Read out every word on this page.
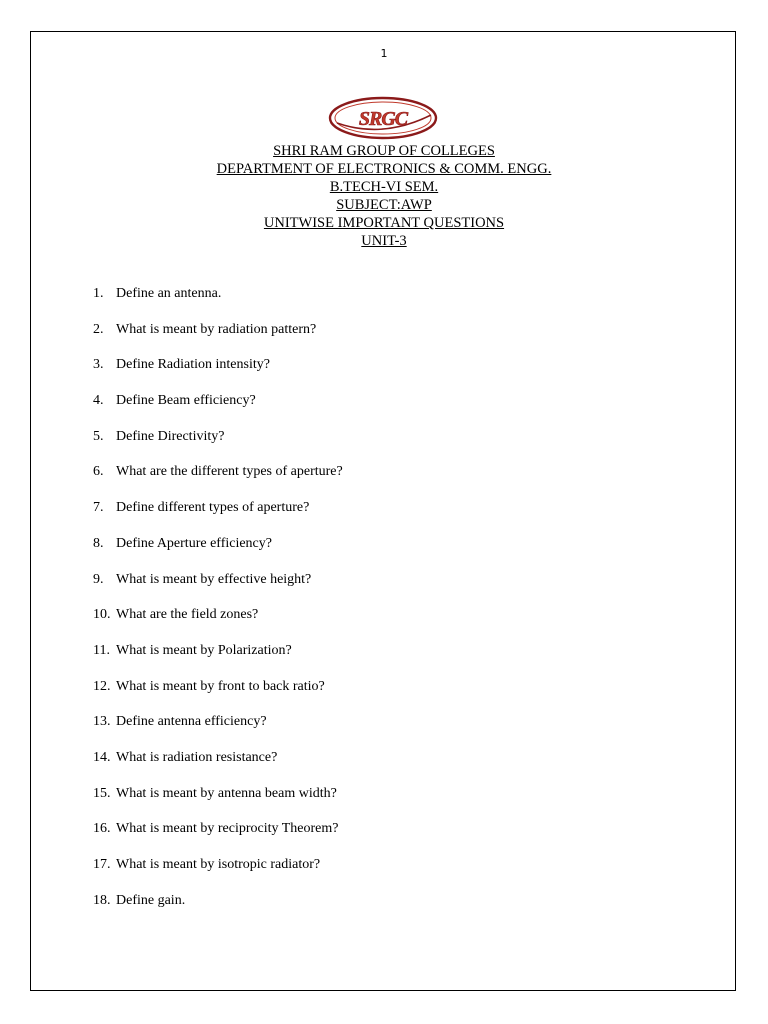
1
SRGC
SHRI RAM GROUP OF COLLEGES
DEPARTMENT OF ELECTRONICS & COMM. ENGG.
B.TECH-VI SEM.
SUBJECT:AWP
UNITWISE IMPORTANT QUESTIONS
UNIT-3
1. Define an antenna.
2. What is meant by radiation pattern?
3. Define Radiation intensity?
4. Define Beam efficiency?
5. Define Directivity?
6. What are the different types of aperture?
7. Define different types of aperture?
8. Define Aperture efficiency?
9. What is meant by effective height?
10. What are the field zones?
11. What is meant by Polarization?
12. What is meant by front to back ratio?
13. Define antenna efficiency?
14. What is radiation resistance?
15. What is meant by antenna beam width?
16. What is meant by reciprocity Theorem?
17. What is meant by isotropic radiator?
18. Define gain.
